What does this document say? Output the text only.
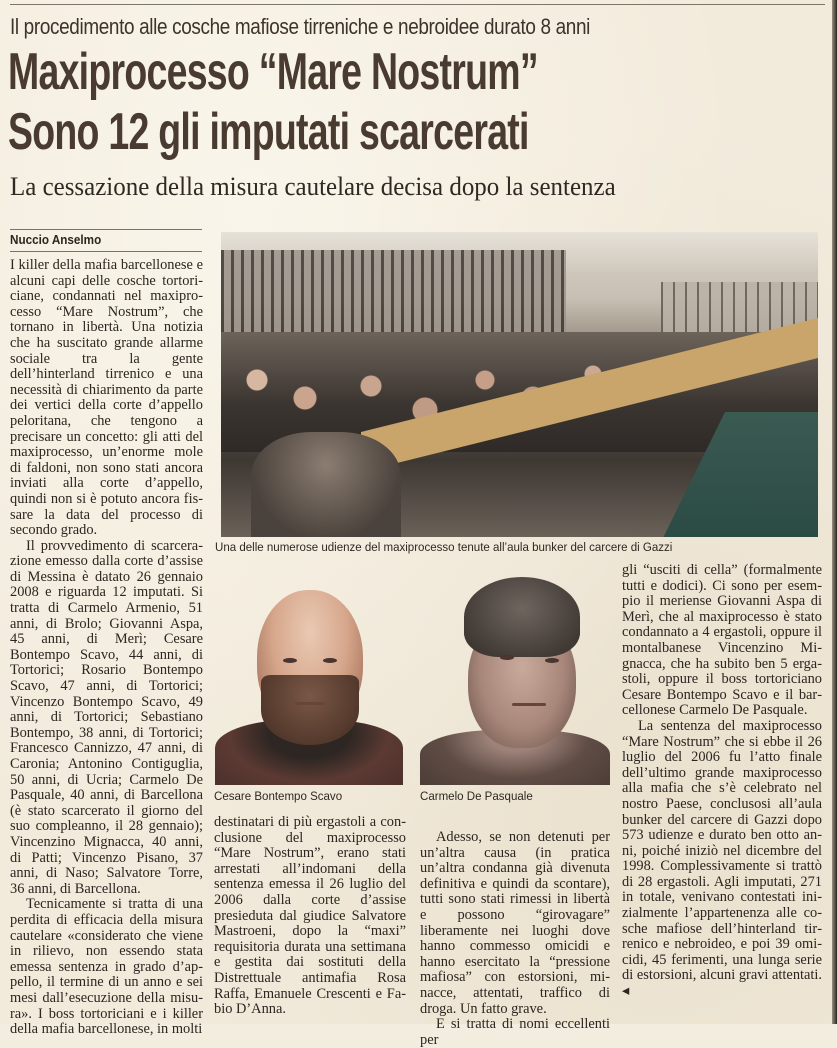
Il procedimento alle cosche mafiose tirreniche e nebroidee durato 8 anni
Maxiprocesso “Mare Nostrum”
Sono 12 gli imputati scarcerati
La cessazione della misura cautelare decisa dopo la sentenza
Nuccio Anselmo

I killer della mafia barcellonese e alcuni capi delle cosche tortoriciane, condannati nel maxiprocesso “Mare Nostrum”, che tornano in libertà. Una notizia che ha suscitato grande allarme sociale tra la gente dell’hinterland tirrenico e una necessità di chiarimento da parte dei vertici della corte d’appello peloritana, che tengono a precisare un concetto: gli atti del maxiprocesso, un’enorme mole di faldoni, non sono stati ancora inviati alla corte d’appello, quindi non si è potuto ancora fissare la data del processo di secondo grado.

Il provvedimento di scarcerazione emesso dalla corte d’assise di Messina è datato 26 gennaio 2008 e riguarda 12 imputati. Si tratta di Carmelo Armenio, 51 anni, di Brolo; Giovanni Aspa, 45 anni, di Merì; Cesare Bontempo Scavo, 44 anni, di Tortorici; Rosario Bontempo Scavo, 47 anni, di Tortorici; Vincenzo Bontempo Scavo, 49 anni, di Tortorici; Sebastiano Bontempo, 38 anni, di Tortorici; Francesco Cannizzo, 47 anni, di Caronia; Antonino Contiguglia, 50 anni, di Ucria; Carmelo De Pasquale, 40 anni, di Barcellona (è stato scarcerato il giorno del suo compleanno, il 28 gennaio); Vincenzino Mignacca, 40 anni, di Patti; Vincenzo Pisano, 37 anni, di Naso; Salvatore Torre, 36 anni, di Barcellona.

Tecnicamente si tratta di una perdita di efficacia della misura cautelare «considerato che viene in rilievo, non essendo stata emessa sentenza in grado d’appello, il termine di un anno e sei mesi dall’esecuzione della misura». I boss tortoriciani e i killer della mafia barcellonese, in molti

Una delle numerose udienze del maxiprocesso tenute all’aula bunker del carcere di Gazzi
Cesare Bontempo Scavo	Carmelo De Pasquale

destinatari di più ergastoli a conclusione del maxiprocesso “Mare Nostrum”, erano stati arrestati all’indomani della sentenza emessa il 26 luglio del 2006 dalla corte d’assise presieduta dal giudice Salvatore Mastroeni, dopo la “maxi” requisitoria durata una settimana e gestita dai sostituti della Distrettuale antimafia Rosa Raffa, Emanuele Crescenti e Fabio D’Anna.

Adesso, se non detenuti per un’altra causa (in pratica un’altra condanna già divenuta definitiva e quindi da scontare), tutti sono stati rimessi in libertà e possono “girovagare” liberamente nei luoghi dove hanno commesso omicidi e hanno esercitato la “pressione mafiosa” con estorsioni, minacce, attentati, traffico di droga. Un fatto grave.

E si tratta di nomi eccellenti per

gli “usciti di cella” (formalmente tutti e dodici). Ci sono per esempio il meriense Giovanni Aspa di Merì, che al maxiprocesso è stato condannato a 4 ergastoli, oppure il montalbanese Vincenzino Mignacca, che ha subito ben 5 ergastoli, oppure il boss tortoriciano Cesare Bontempo Scavo e il barcellonese Carmelo De Pasquale.

La sentenza del maxiprocesso “Mare Nostrum” che si ebbe il 26 luglio del 2006 fu l’atto finale dell’ultimo grande maxiprocesso alla mafia che s’è celebrato nel nostro Paese, conclusosi all’aula bunker del carcere di Gazzi dopo 573 udienze e durato ben otto anni, poiché iniziò nel dicembre del 1998. Complessivamente si trattò di 28 ergastoli. Agli imputati, 271 in totale, venivano contestati inizialmente l’appartenenza alle cosche mafiose dell’hinterland tirrenico e nebroideo, e poi 39 omicidi, 45 ferimenti, una lunga serie di estorsioni, alcuni gravi attentati. ◂
